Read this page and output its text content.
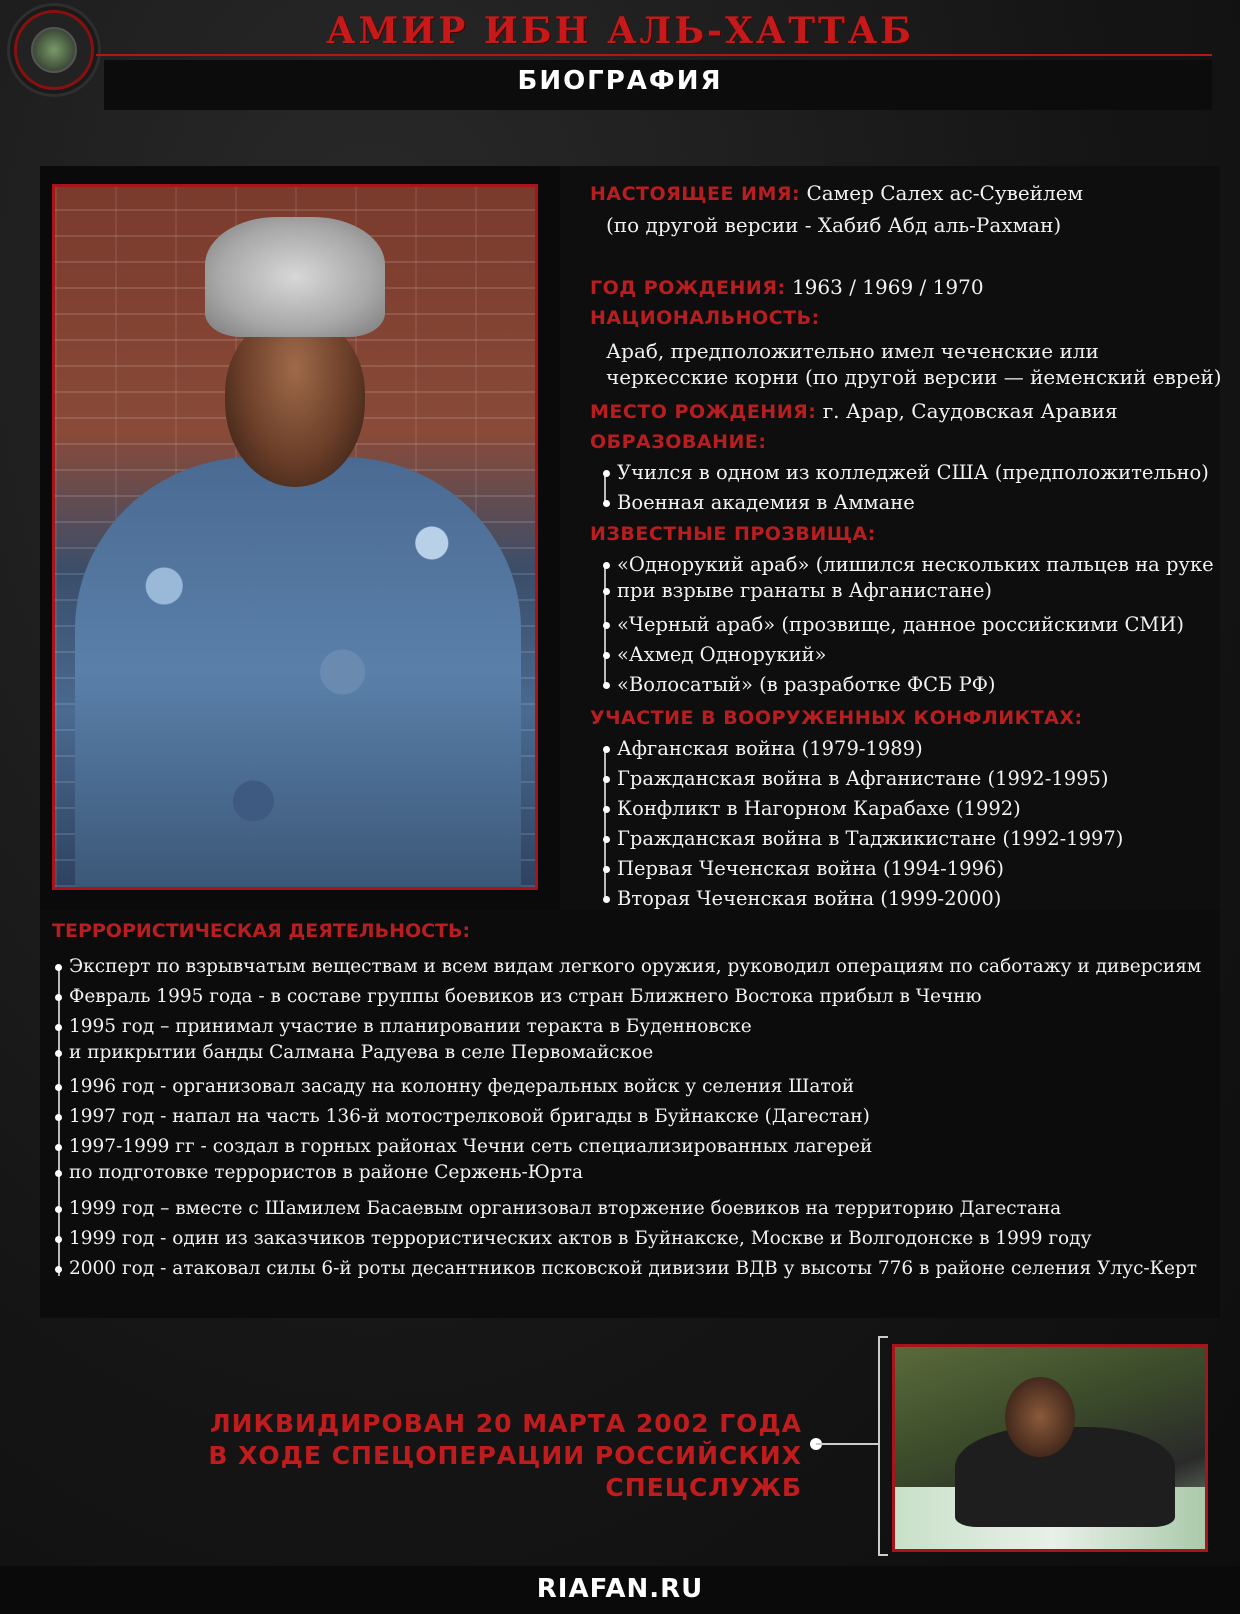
АМИР ИБН АЛЬ-ХАТТАБ
БИОГРАФИЯ
НАСТОЯЩЕЕ ИМЯ: Самер Салех ас-Сувейлем
(по другой версии - Хабиб Абд аль-Рахман)
ГОД РОЖДЕНИЯ: 1963 / 1969 / 1970
НАЦИОНАЛЬНОСТЬ:
Араб, предположительно имел чеченские или
черкесские корни (по другой версии — йеменский еврей)
МЕСТО РОЖДЕНИЯ: г. Арар, Саудовская Аравия
ОБРАЗОВАНИЕ:
Учился в одном из колледжей США (предположительно)
Военная академия в Аммане
ИЗВЕСТНЫЕ ПРОЗВИЩА:
«Однорукий араб» (лишился нескольких пальцев на руке
при взрыве гранаты в Афганистане)
«Черный араб» (прозвище, данное российскими СМИ)
«Ахмед Однорукий»
«Волосатый» (в разработке ФСБ РФ)
УЧАСТИЕ В ВООРУЖЕННЫХ КОНФЛИКТАХ:
Афганская война (1979-1989)
Гражданская война в Афганистане (1992-1995)
Конфликт в Нагорном Карабахе (1992)
Гражданская война в Таджикистане (1992-1997)
Первая Чеченская война (1994-1996)
Вторая Чеченская война (1999-2000)
ТЕРРОРИСТИЧЕСКАЯ ДЕЯТЕЛЬНОСТЬ:
Эксперт по взрывчатым веществам и всем видам легкого оружия, руководил операциям по саботажу и диверсиям
Февраль 1995 года - в составе группы боевиков из стран Ближнего Востока прибыл в Чечню
1995 год – принимал участие в планировании теракта в Буденновске
и прикрытии банды Салмана Радуева в селе Первомайское
1996 год - организовал засаду на колонну федеральных войск у селения Шатой
1997 год - напал на часть 136-й мотострелковой бригады в Буйнакске (Дагестан)
1997-1999 гг - создал в горных районах Чечни сеть специализированных лагерей
по подготовке террористов в районе Сержень-Юрта
1999 год – вместе с Шамилем Басаевым организовал вторжение боевиков на территорию Дагестана
1999 год - один из заказчиков террористических актов в Буйнакске, Москве и Волгодонске в 1999 году
2000 год - атаковал силы 6-й роты десантников псковской дивизии ВДВ у высоты 776 в районе селения Улус-Керт
ЛИКВИДИРОВАН 20 МАРТА 2002 ГОДА
В ХОДЕ СПЕЦОПЕРАЦИИ РОССИЙСКИХ СПЕЦСЛУЖБ
RIAFAN.RU
